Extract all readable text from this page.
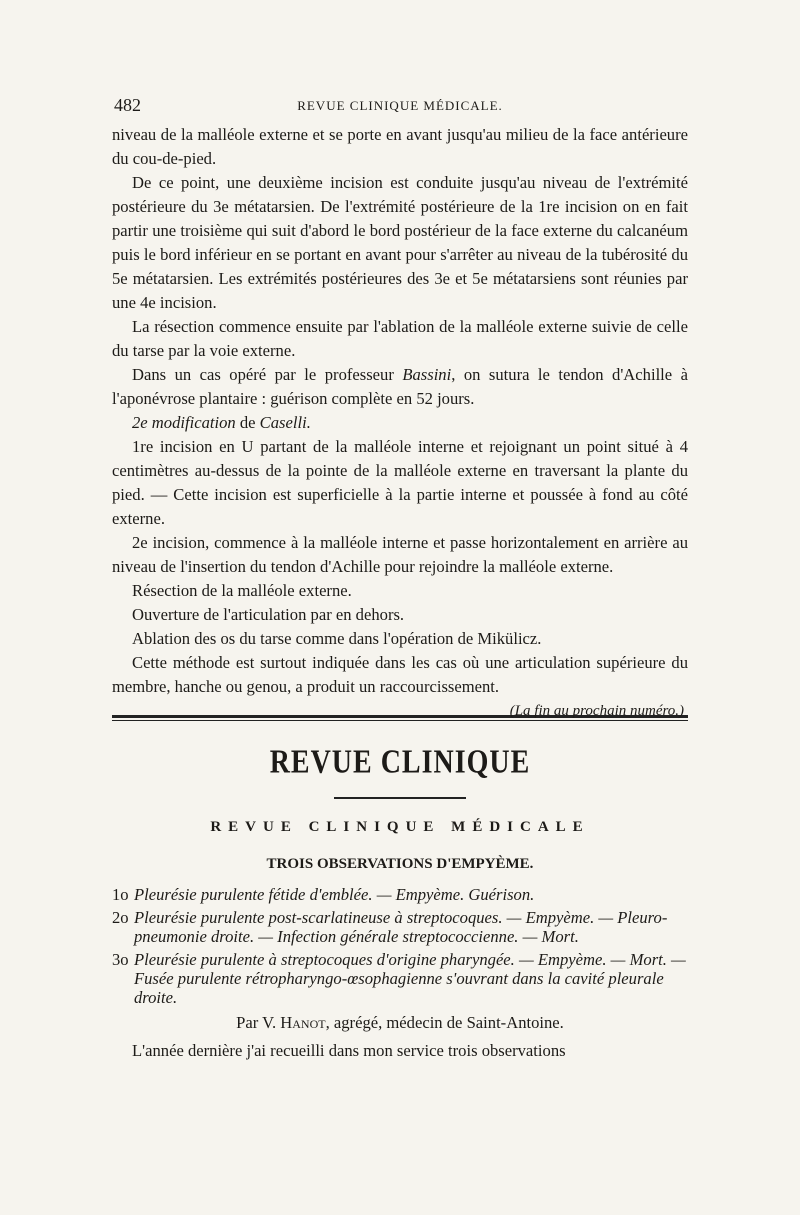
482	REVUE CLINIQUE MÉDICALE.

niveau de la malléole externe et se porte en avant jusqu'au milieu de la face antérieure du cou-de-pied.

De ce point, une deuxième incision est conduite jusqu'au niveau de l'extrémité postérieure du 3e métatarsien. De l'extrémité postérieure de la 1re incision on en fait partir une troisième qui suit d'abord le bord postérieur de la face externe du calcanéum puis le bord inférieur en se portant en avant pour s'arrêter au niveau de la tubérosité du 5e métatarsien. Les extrémités postérieures des 3e et 5e métatarsiens sont réunies par une 4e incision.

La résection commence ensuite par l'ablation de la malléole externe suivie de celle du tarse par la voie externe.

Dans un cas opéré par le professeur Bassini, on sutura le tendon d'Achille à l'aponévrose plantaire : guérison complète en 52 jours.

2e modification de Caselli.

1re incision en U partant de la malléole interne et rejoignant un point situé à 4 centimètres au-dessus de la pointe de la malléole externe en traversant la plante du pied. — Cette incision est superficielle à la partie interne et poussée à fond au côté externe.

2e incision, commence à la malléole interne et passe horizontalement en arrière au niveau de l'insertion du tendon d'Achille pour rejoindre la malléole externe.

Résection de la malléole externe.

Ouverture de l'articulation par en dehors.

Ablation des os du tarse comme dans l'opération de Mikülicz.

Cette méthode est surtout indiquée dans les cas où une articulation supérieure du membre, hanche ou genou, a produit un raccourcissement.
(La fin au prochain numéro.)

REVUE CLINIQUE
REVUE CLINIQUE MÉDICALE
TROIS OBSERVATIONS D'EMPYÈME.
1o Pleurésie purulente fétide d'emblée. — Empyème. Guérison.
2o Pleurésie purulente post-scarlatineuse à streptocoques. — Empyème. — Pleuro-pneumonie droite. — Infection générale streptococcienne. — Mort.
3o Pleurésie purulente à streptocoques d'origine pharyngée. — Empyème. — Mort. — Fusée purulente rétropharyngo-œsophagienne s'ouvrant dans la cavité pleurale droite.
Par V. Hanot, agrégé, médecin de Saint-Antoine.
L'année dernière j'ai recueilli dans mon service trois observations
